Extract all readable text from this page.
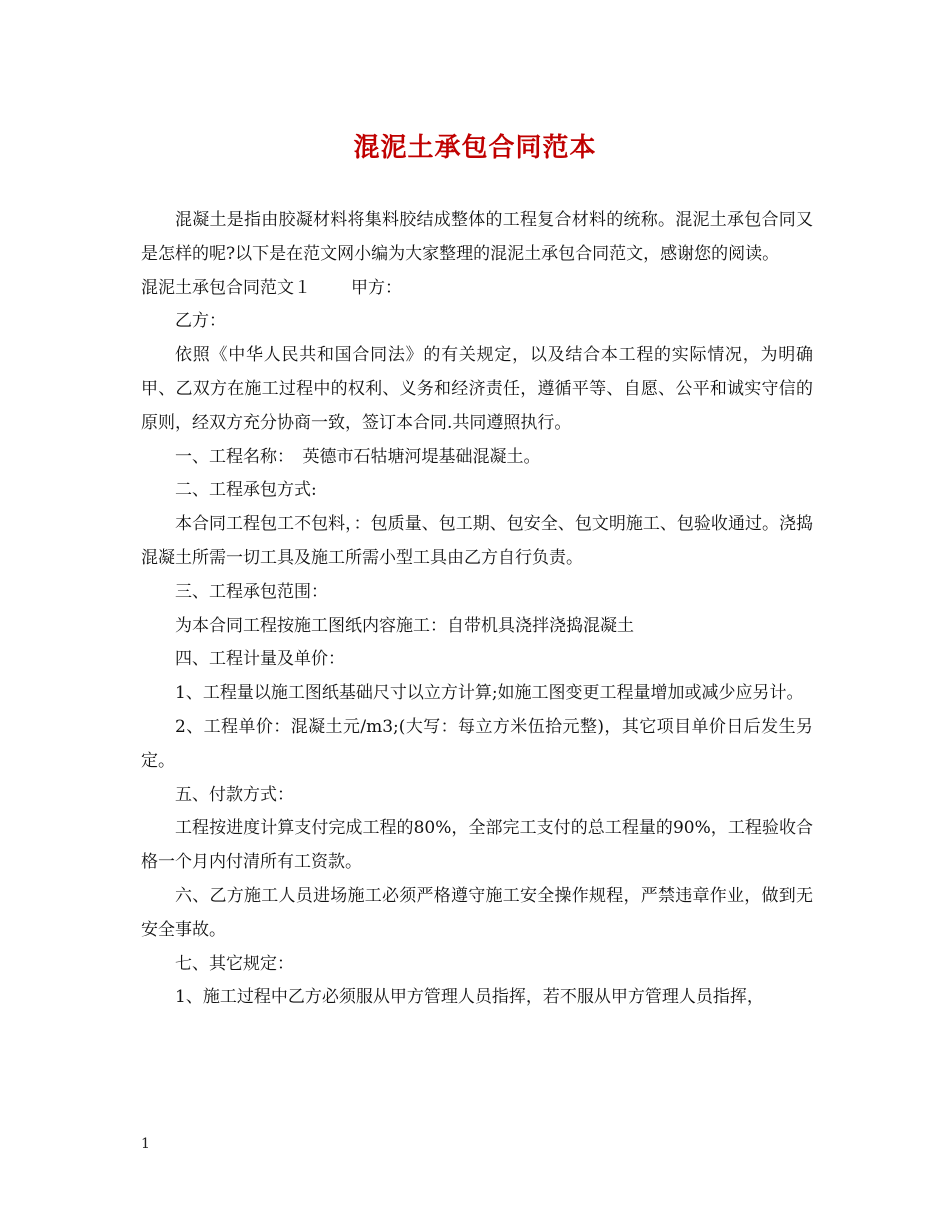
混泥土承包合同范本

混凝土是指由胶凝材料将集料胶结成整体的工程复合材料的统称。混泥土承包合同又是怎样的呢?以下是在范文网小编为大家整理的混泥土承包合同范文，感谢您的阅读。

混泥土承包合同范文１ 甲方：

乙方：

依照《中华人民共和国合同法》的有关规定，以及结合本工程的实际情况，为明确甲、乙双方在施工过程中的权利、义务和经济责任，遵循平等、自愿、公平和诚实守信的原则，经双方充分协商一致，签订本合同.共同遵照执行。

一、工程名称：　英德市石牯塘河堤基础混凝土。

二、工程承包方式:

本合同工程包工不包料，：包质量、包工期、包安全、包文明施工、包验收通过。浇捣混凝土所需一切工具及施工所需小型工具由乙方自行负责。

三、工程承包范围：

为本合同工程按施工图纸内容施工：自带机具浇拌浇捣混凝土

四、工程计量及单价：

1、工程量以施工图纸基础尺寸以立方计算;如施工图变更工程量增加或减少应另计。

2、工程单价：混凝土元/m3;(大写：每立方米伍拾元整)，其它项目单价日后发生另定。

五、付款方式：

工程按进度计算支付完成工程的80%，全部完工支付的总工程量的90%，工程验收合格一个月内付清所有工资款。

六、乙方施工人员进场施工必须严格遵守施工安全操作规程，严禁违章作业，做到无安全事故。

七、其它规定：

1、施工过程中乙方必须服从甲方管理人员指挥，若不服从甲方管理人员指挥，

1
